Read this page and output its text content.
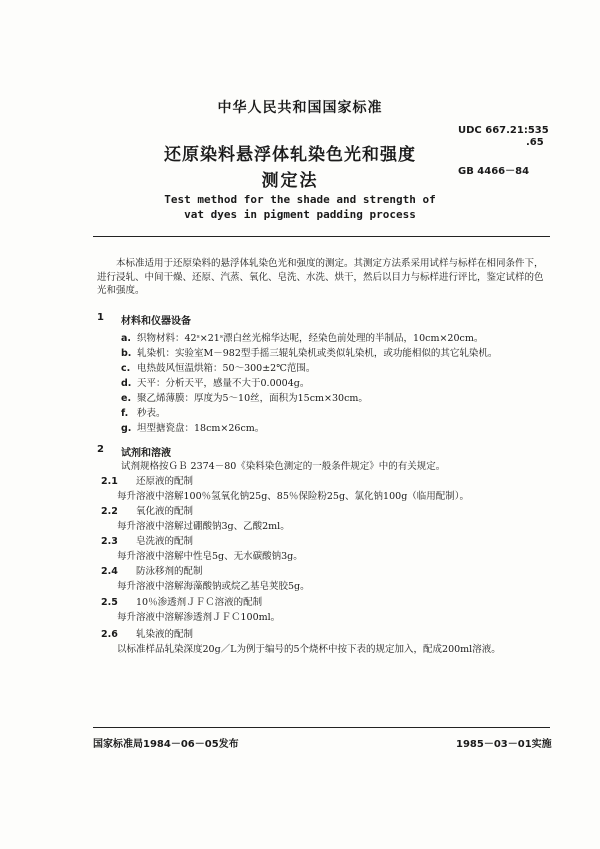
中华人民共和国国家标准
还原染料悬浮体轧染色光和强度
测定法
UDC 667.21:535
.65
GB 4466－84
Test method for the shade and strength of
vat dyes in pigment padding process
本标准适用于还原染料的悬浮体轧染色光和强度的测定。其测定方法系采用试样与标样在相同条件下，进行浸轧、中间干燥、还原、汽蒸、氧化、皂洗、水洗、烘干，然后以目力与标样进行评比，鉴定试样的色光和强度。
1 材料和仪器设备
a. 织物材料：42ˢ×21ˢ漂白丝光棉华达呢，经染色前处理的半制品，10cm×20cm。
b. 轧染机：实验室M－982型手摇三辊轧染机或类似轧染机，或功能相似的其它轧染机。
c. 电热鼓风恒温烘箱：50～300±2℃范围。
d. 天平：分析天平，感量不大于0.0004g。
e. 聚乙烯薄膜：厚度为5～10丝，面积为15cm×30cm。
f. 秒表。
g. 坦型搪瓷盘：18cm×26cm。
2 试剂和溶液
试剂规格按ＧＢ 2374－80《染料染色测定的一般条件规定》中的有关规定。
2.1 还原液的配制
每升溶液中溶解100％氢氧化钠25g、85％保险粉25g、氯化钠100g（临用配制）。
2.2 氧化液的配制
每升溶液中溶解过硼酸钠3g、乙酸2ml。
2.3 皂洗液的配制
每升溶液中溶解中性皂5g、无水碳酸钠3g。
2.4 防泳移剂的配制
每升溶液中溶解海藻酸钠或烷乙基皂荚胶5g。
2.5 10％渗透剂ＪＦＣ溶液的配制
每升溶液中溶解渗透剂ＪＦＣ100ml。
2.6 轧染液的配制
以标准样品轧染深度20g／L为例于编号的5个烧杯中按下表的规定加入，配成200ml溶液。
国家标准局1984－06－05发布	1985－03－01实施
